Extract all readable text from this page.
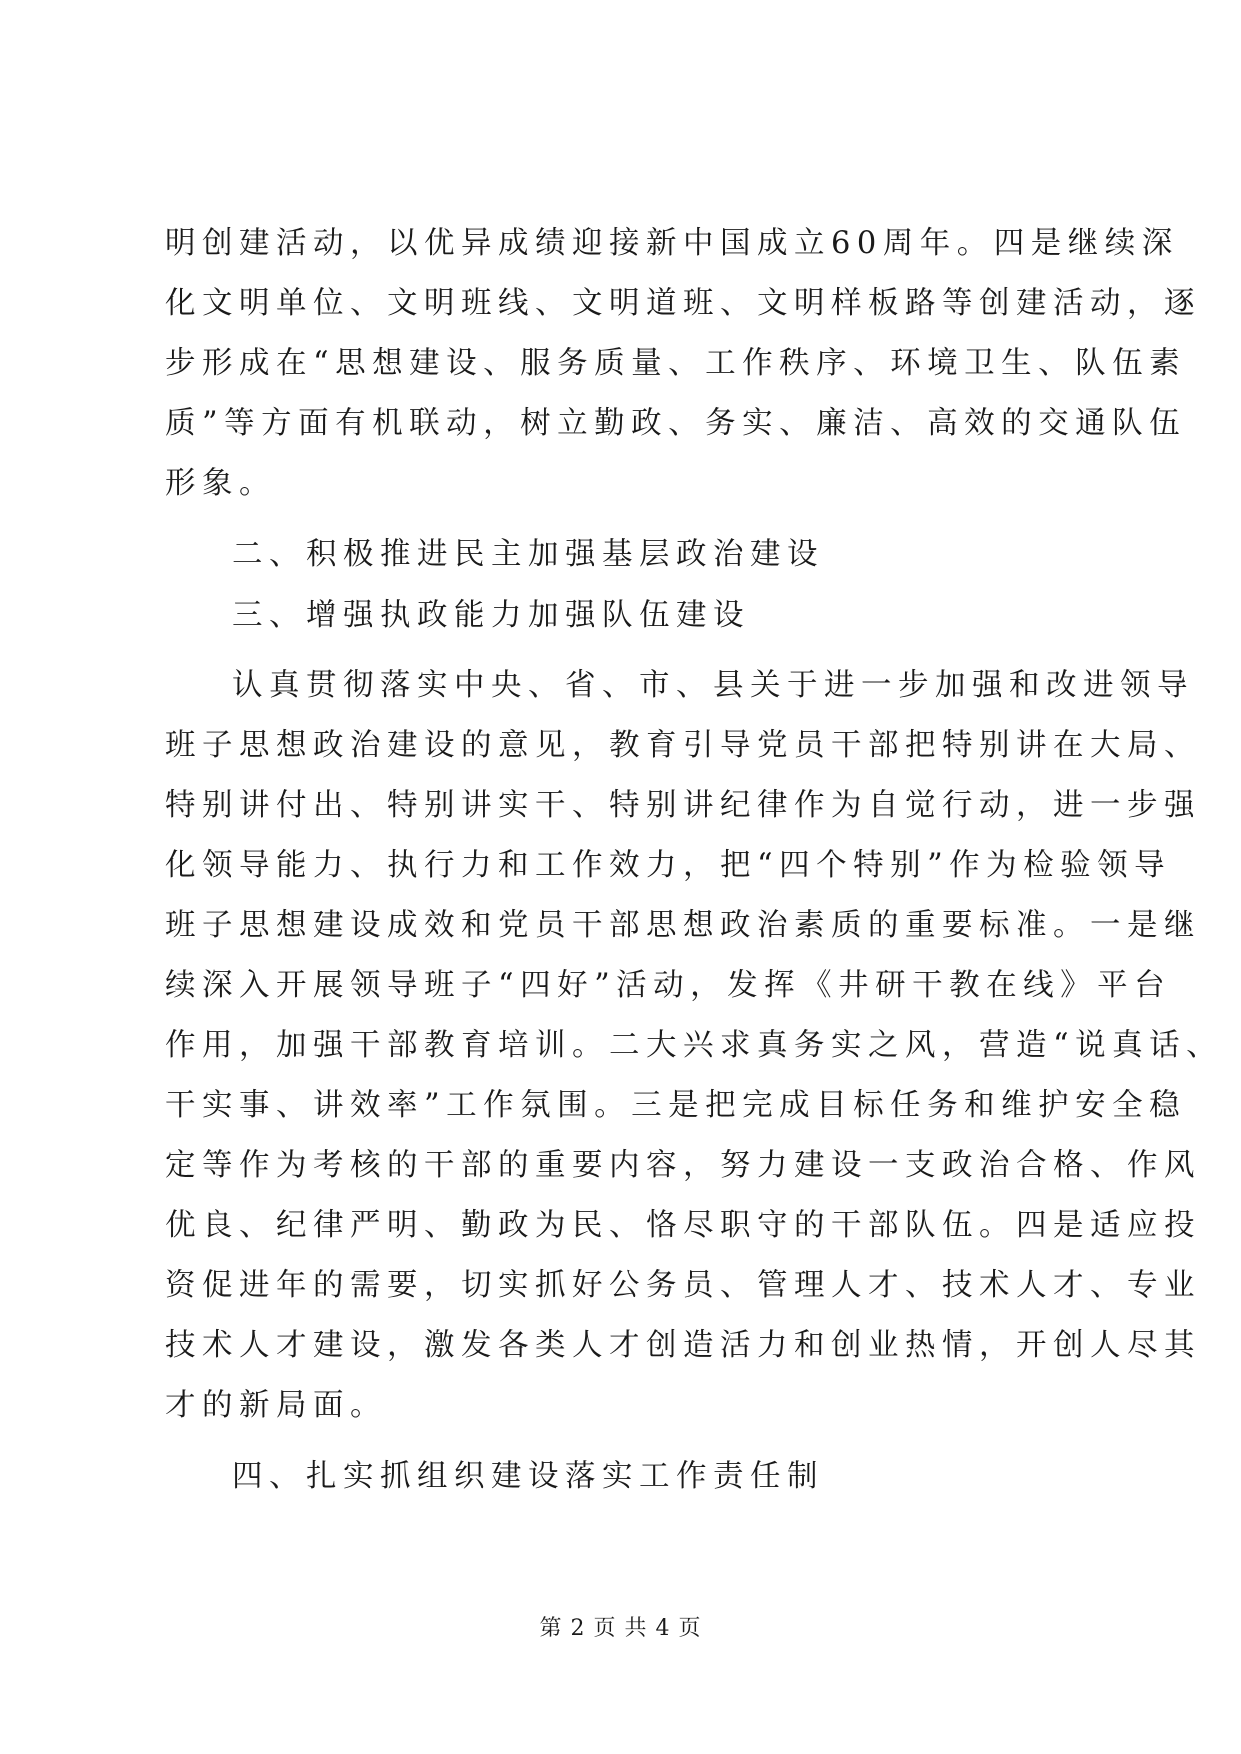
明创建活动，以优异成绩迎接新中国成立60周年。四是继续深
化文明单位、文明班线、文明道班、文明样板路等创建活动，逐
步形成在“思想建设、服务质量、工作秩序、环境卫生、队伍素
质”等方面有机联动，树立勤政、务实、廉洁、高效的交通队伍
形象。
二、积极推进民主加强基层政治建设
三、增强执政能力加强队伍建设
认真贯彻落实中央、省、市、县关于进一步加强和改进领导
班子思想政治建设的意见，教育引导党员干部把特别讲在大局、
特别讲付出、特别讲实干、特别讲纪律作为自觉行动，进一步强
化领导能力、执行力和工作效力，把“四个特别”作为检验领导
班子思想建设成效和党员干部思想政治素质的重要标准。一是继
续深入开展领导班子“四好”活动，发挥《井研干教在线》平台
作用，加强干部教育培训。二大兴求真务实之风，营造“说真话、
干实事、讲效率”工作氛围。三是把完成目标任务和维护安全稳
定等作为考核的干部的重要内容，努力建设一支政治合格、作风
优良、纪律严明、勤政为民、恪尽职守的干部队伍。四是适应投
资促进年的需要，切实抓好公务员、管理人才、技术人才、专业
技术人才建设，激发各类人才创造活力和创业热情，开创人尽其
才的新局面。
四、扎实抓组织建设落实工作责任制
第 2 页 共 4 页
